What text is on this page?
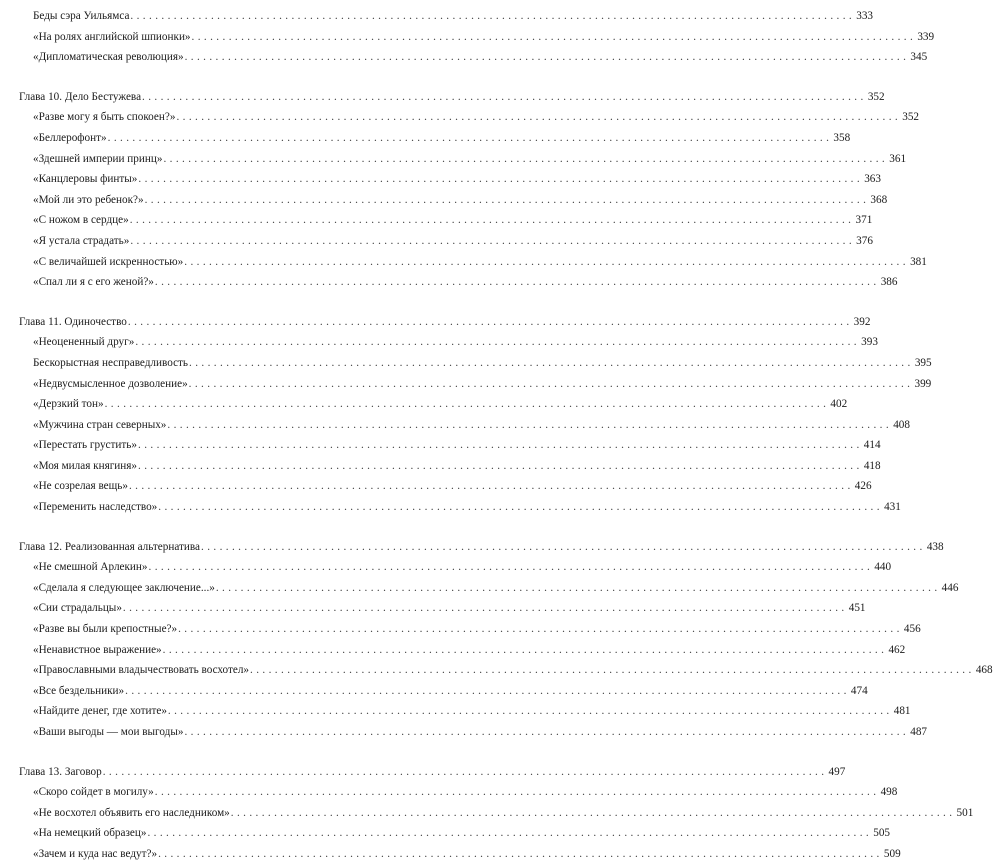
Беды сэра Уильямса . . .	333
«На ролях английской шпионки» . . .	339
«Дипломатическая революция» . . .	345
Глава 10. Дело Бестужева . . .	352
«Разве могу я быть спокоен?» . . .	352
«Беллерофонт» . . .	358
«Здешней империи принц» . . .	361
«Канцлеровы финты» . . .	363
«Мой ли это ребенок?» . . .	368
«С ножом в сердце» . . .	371
«Я устала страдать» . . .	376
«С величайшей искренностью» . . .	381
«Спал ли я с его женой?» . . .	386
Глава 11. Одиночество . . .	392
«Неоцененный друг» . . .	393
Бескорыстная несправедливость . . .	395
«Недвусмысленное дозволение» . . .	399
«Дерзкий тон» . . .	402
«Мужчина стран северных» . . .	408
«Перестать грустить» . . .	414
«Моя милая княгиня» . . .	418
«Не созрелая вещь» . . .	426
«Переменить наследство» . . .	431
Глава 12. Реализованная альтернатива . . .	438
«Не смешной Арлекин» . . .	440
«Сделала я следующее заключение...» . . .	446
«Сии страдальцы» . . .	451
«Разве вы были крепостные?» . . .	456
«Ненавистное выражение» . . .	462
«Православными владычествовать восхотел» . . .	468
«Все бездельники» . . .	474
«Найдите денег, где хотите» . . .	481
«Ваши выгоды — мои выгоды» . . .	487
Глава 13. Заговор . . .	497
«Скоро сойдет в могилу» . . .	498
«Не восхотел объявить его наследником» . . .	501
«На немецкий образец» . . .	505
«Зачем и куда нас ведут?» . . .	509
